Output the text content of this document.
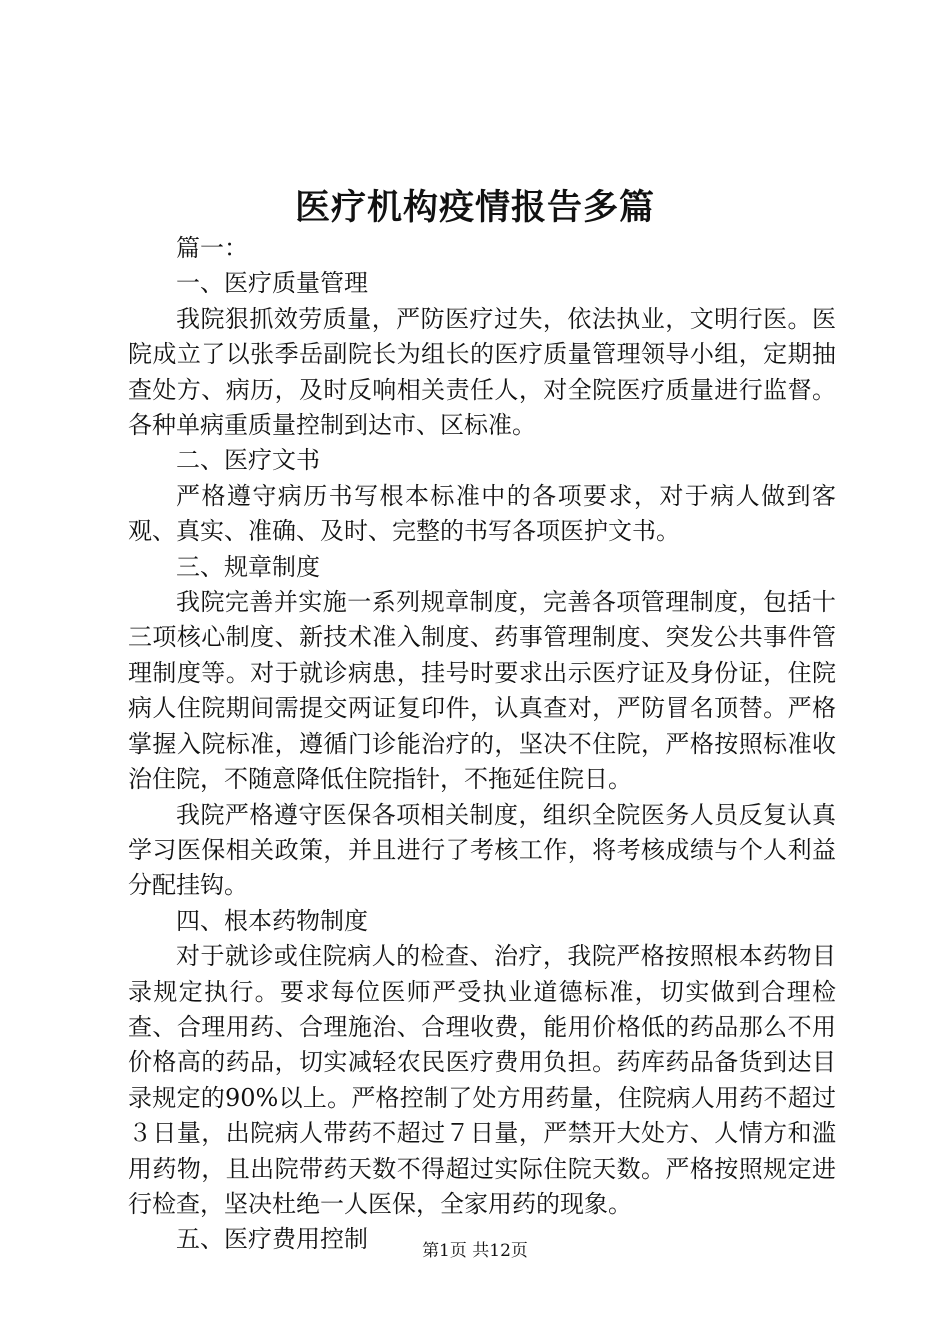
医疗机构疫情报告多篇

篇一：

一、医疗质量管理

我院狠抓效劳质量，严防医疗过失，依法执业，文明行医。医院成立了以张季岳副院长为组长的医疗质量管理领导小组，定期抽查处方、病历，及时反响相关责任人，对全院医疗质量进行监督。各种单病重质量控制到达市、区标准。

二、医疗文书

严格遵守病历书写根本标准中的各项要求，对于病人做到客观、真实、准确、及时、完整的书写各项医护文书。

三、规章制度

我院完善并实施一系列规章制度，完善各项管理制度，包括十三项核心制度、新技术准入制度、药事管理制度、突发公共事件管理制度等。对于就诊病患，挂号时要求出示医疗证及身份证，住院病人住院期间需提交两证复印件，认真查对，严防冒名顶替。严格掌握入院标准，遵循门诊能治疗的，坚决不住院，严格按照标准收治住院，不随意降低住院指针，不拖延住院日。

我院严格遵守医保各项相关制度，组织全院医务人员反复认真学习医保相关政策，并且进行了考核工作，将考核成绩与个人利益分配挂钩。

四、根本药物制度

对于就诊或住院病人的检查、治疗，我院严格按照根本药物目录规定执行。要求每位医师严受执业道德标准，切实做到合理检查、合理用药、合理施治、合理收费，能用价格低的药品那么不用价格高的药品，切实减轻农民医疗费用负担。药库药品备货到达目录规定的90%以上。严格控制了处方用药量，住院病人用药不超过３日量，出院病人带药不超过７日量，严禁开大处方、人情方和滥用药物，且出院带药天数不得超过实际住院天数。严格按照规定进行检查，坚决杜绝一人医保，全家用药的现象。

五、医疗费用控制	第1页 共12页
